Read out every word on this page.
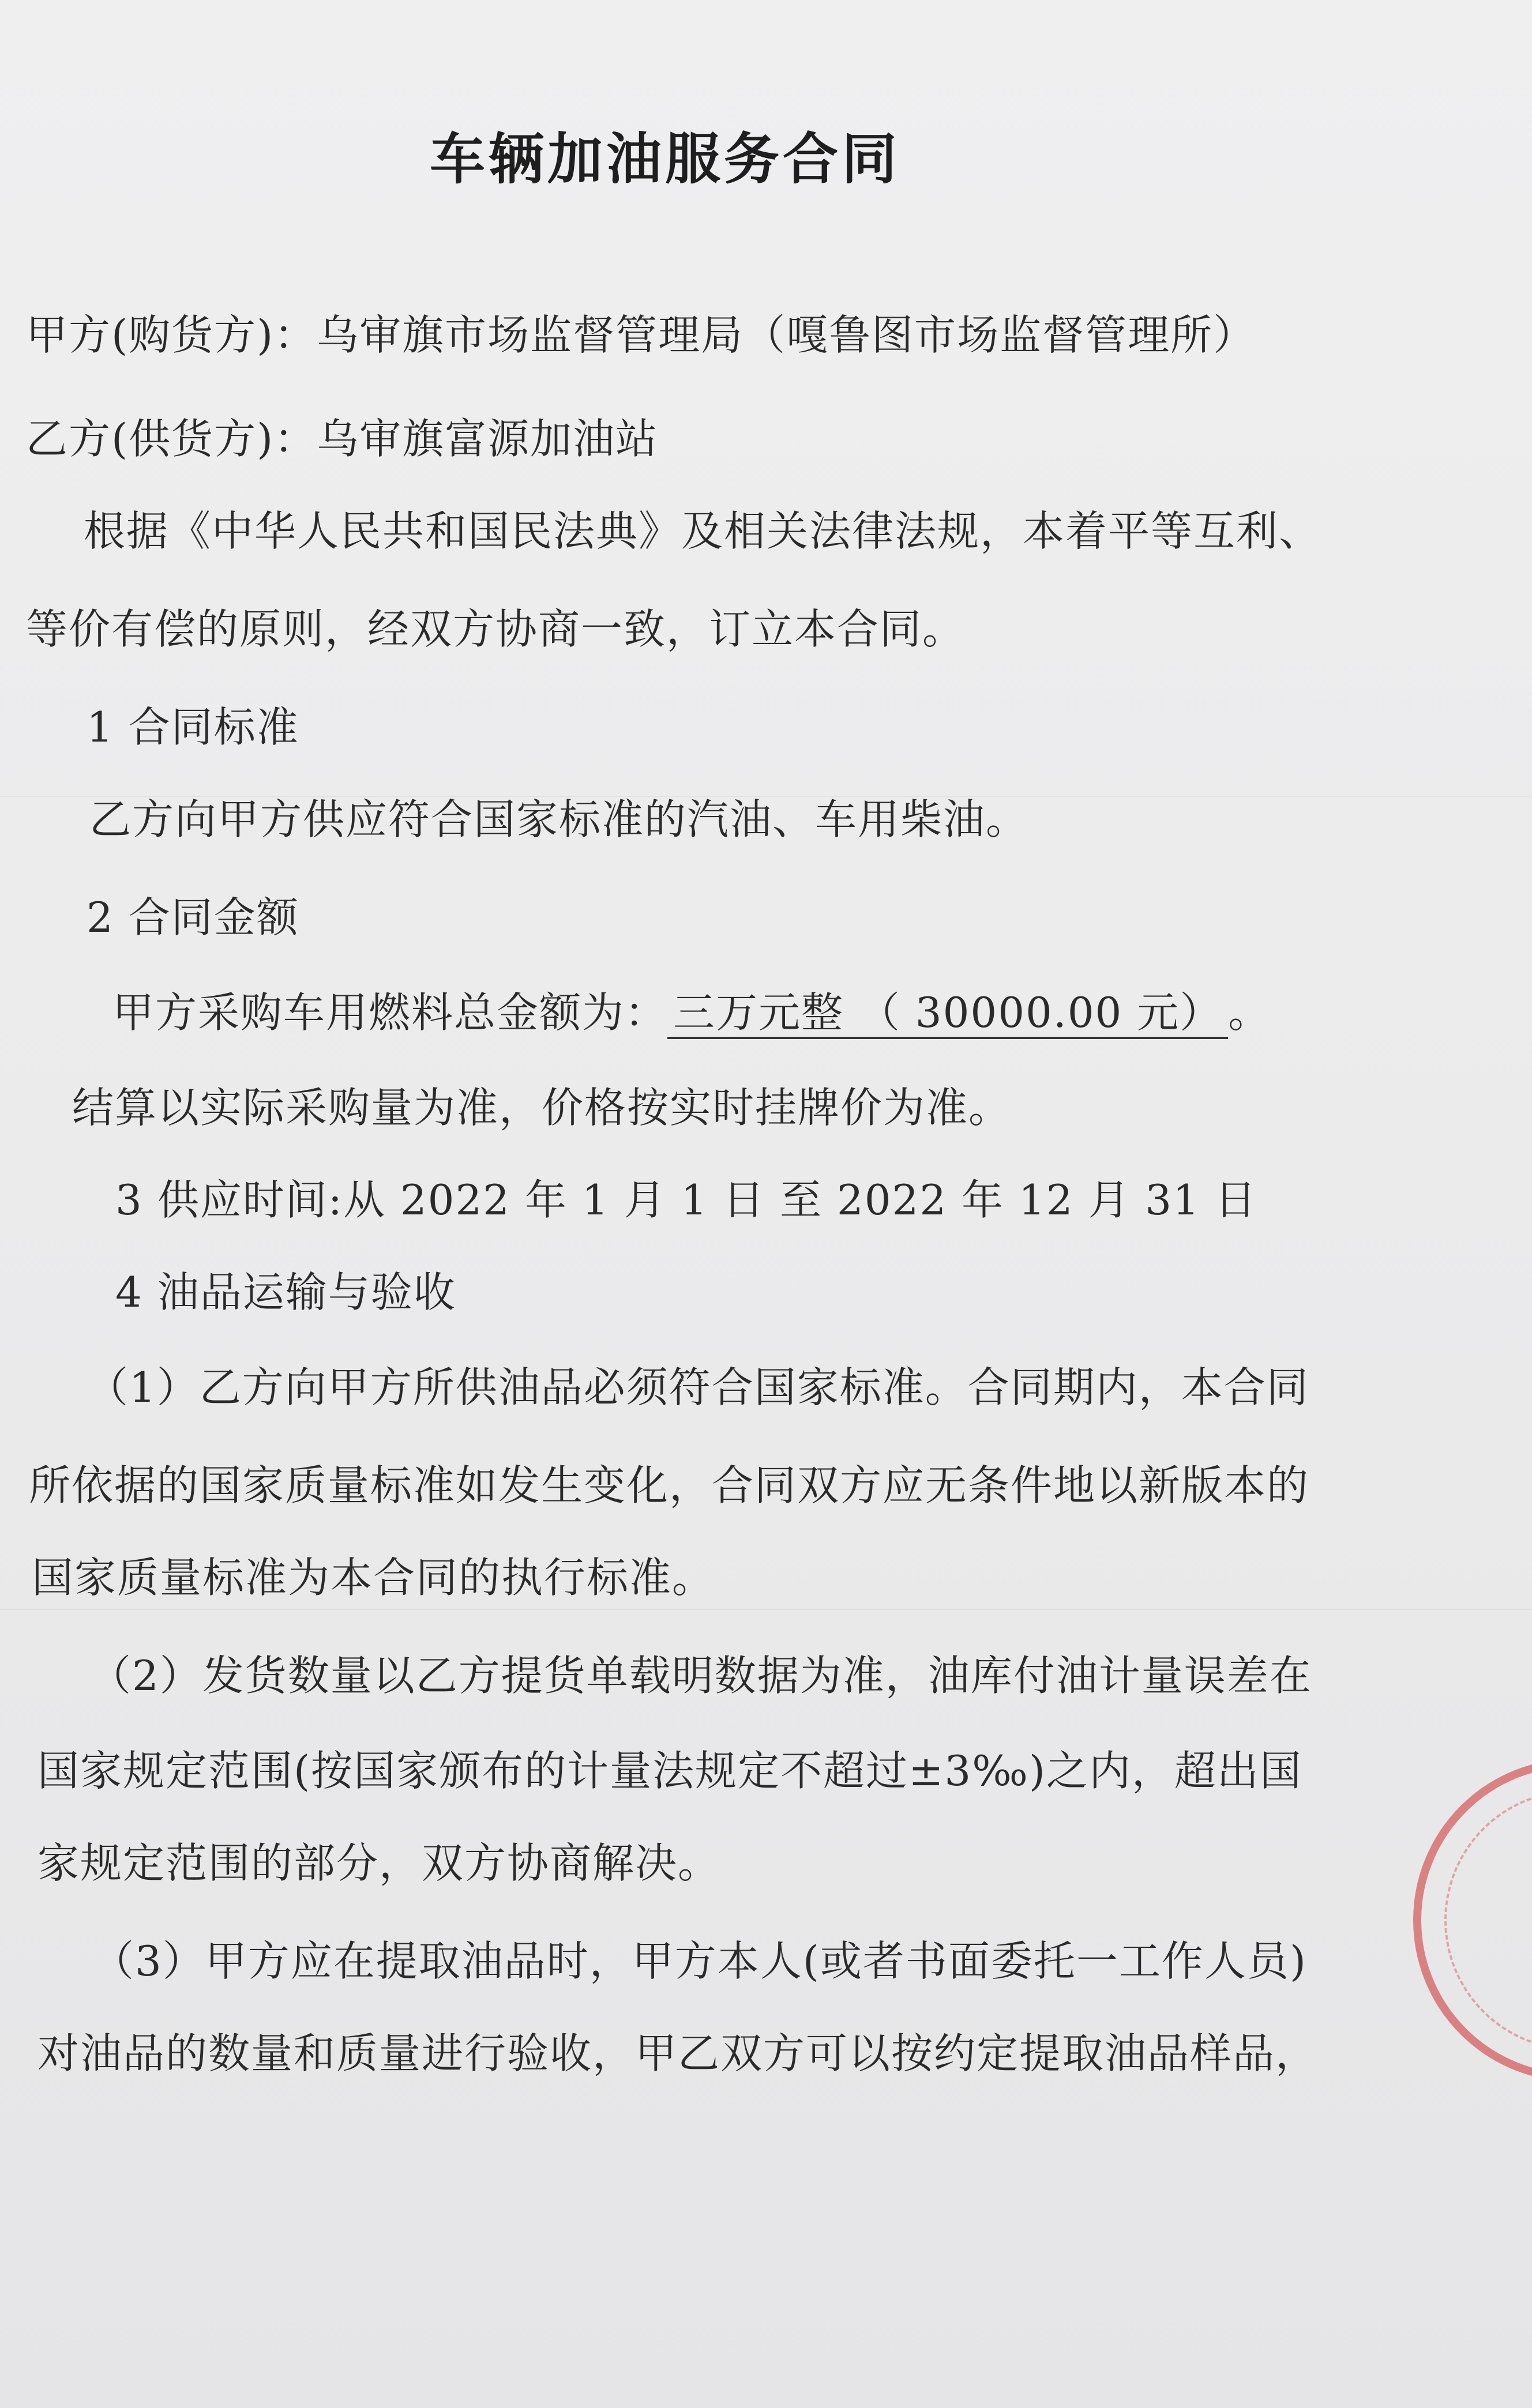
车辆加油服务合同
甲方(购货方)：乌审旗市场监督管理局（嘎鲁图市场监督管理所）
乙方(供货方)：乌审旗富源加油站
根据《中华人民共和国民法典》及相关法律法规，本着平等互利、
等价有偿的原则，经双方协商一致，订立本合同。
1 合同标准
乙方向甲方供应符合国家标准的汽油、车用柴油。
2 合同金额
甲方采购车用燃料总金额为： 三万元整 （ 30000.00 元） 。
结算以实际采购量为准，价格按实时挂牌价为准。
3 供应时间:从 2022 年 1 月 1 日 至 2022 年 12 月 31 日
4 油品运输与验收
（1）乙方向甲方所供油品必须符合国家标准。合同期内，本合同
所依据的国家质量标准如发生变化，合同双方应无条件地以新版本的
国家质量标准为本合同的执行标准。
（2）发货数量以乙方提货单载明数据为准，油库付油计量误差在
国家规定范围(按国家颁布的计量法规定不超过±3‰)之内，超出国
家规定范围的部分，双方协商解决。
（3）甲方应在提取油品时，甲方本人(或者书面委托一工作人员)
对油品的数量和质量进行验收，甲乙双方可以按约定提取油品样品，
